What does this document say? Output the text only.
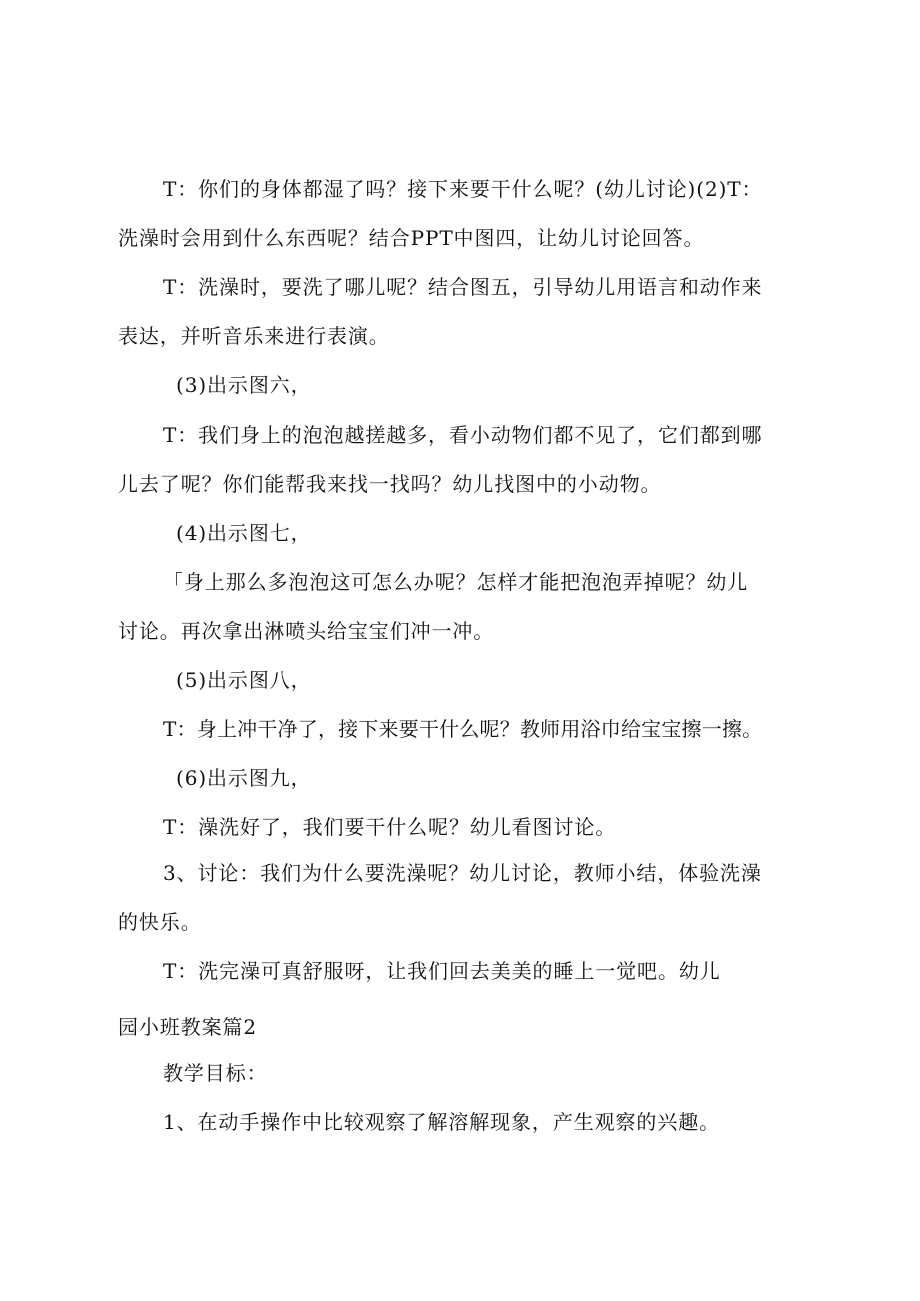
T：你们的身体都湿了吗？接下来要干什么呢？(幼儿讨论)(2)T：
洗澡时会用到什么东西呢？结合PPT中图四，让幼儿讨论回答。
T：洗澡时，要洗了哪儿呢？结合图五，引导幼儿用语言和动作来
表达，并听音乐来进行表演。
(3)出示图六，
T：我们身上的泡泡越搓越多，看小动物们都不见了，它们都到哪
儿去了呢？你们能帮我来找一找吗？幼儿找图中的小动物。
(4)出示图七，
「身上那么多泡泡这可怎么办呢？怎样才能把泡泡弄掉呢？幼儿
讨论。再次拿出淋喷头给宝宝们冲一冲。
(5)出示图八，
T：身上冲干净了，接下来要干什么呢？教师用浴巾给宝宝擦一擦。
(6)出示图九，
T：澡洗好了，我们要干什么呢？幼儿看图讨论。
3、讨论：我们为什么要洗澡呢？幼儿讨论，教师小结，体验洗澡
的快乐。
T：洗完澡可真舒服呀，让我们回去美美的睡上一觉吧。幼儿
园小班教案篇2
教学目标：
1、在动手操作中比较观察了解溶解现象，产生观察的兴趣。
